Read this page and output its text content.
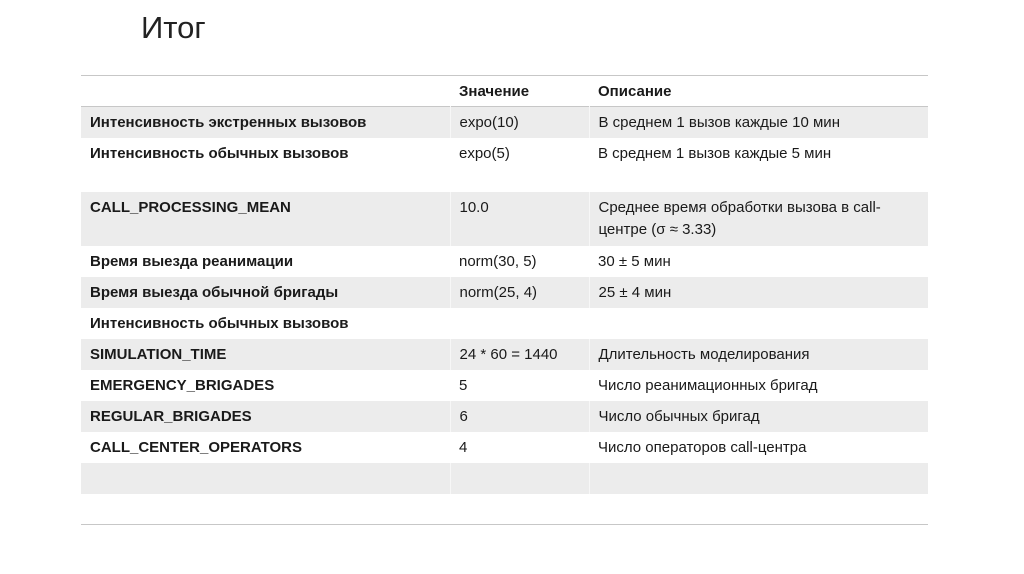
Итог
	Значение	Описание
Интенсивность экстренных вызовов	expo(10)	В среднем 1 вызов каждые 10 мин
Интенсивность обычных вызовов	expo(5)	В среднем 1 вызов каждые 5 мин
CALL_PROCESSING_MEAN	10.0	Среднее время обработки вызова в call-центре (σ ≈ 3.33)
Время выезда реанимации	norm(30, 5)	30 ± 5 мин
Время выезда обычной бригады	norm(25, 4)	25 ± 4 мин
Интенсивность обычных вызовов		
SIMULATION_TIME	24 * 60 = 1440	Длительность моделирования
EMERGENCY_BRIGADES	5	Число реанимационных бригад
REGULAR_BRIGADES	6	Число обычных бригад
CALL_CENTER_OPERATORS	4	Число операторов call-центра
